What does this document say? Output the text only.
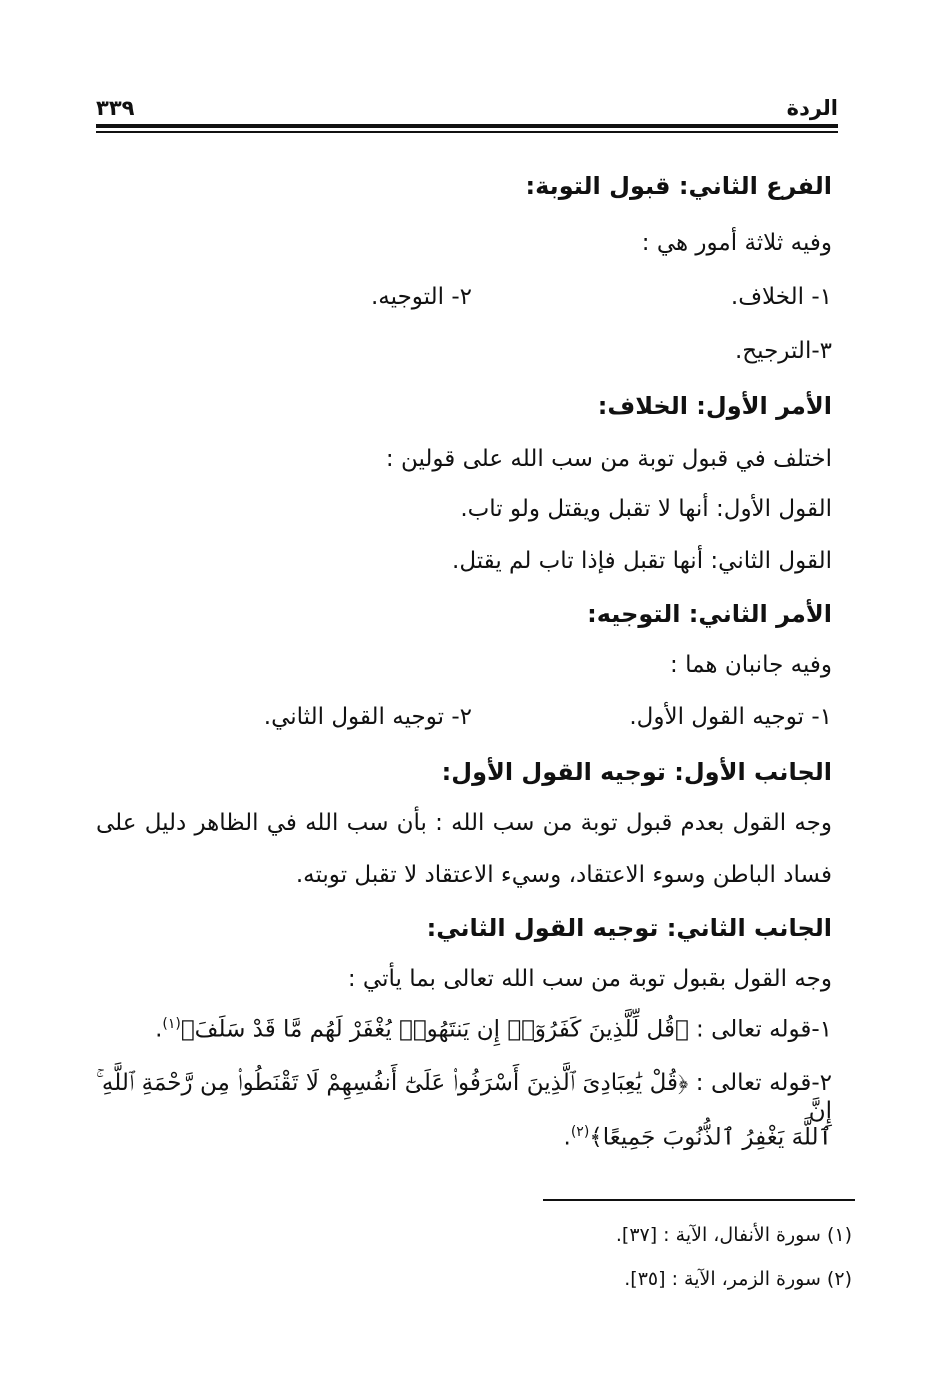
الردة
٣٣٩
الفرع الثاني: قبول التوبة:
وفيه ثلاثة أمور هي :
١- الخلاف.
٢- التوجيه.
٣-الترجيح.
الأمر الأول: الخلاف:
اختلف في قبول توبة من سب الله على قولين :
القول الأول: أنها لا تقبل ويقتل ولو تاب.
القول الثاني: أنها تقبل فإذا تاب لم يقتل.
الأمر الثاني: التوجيه:
وفيه جانبان هما :
١- توجيه القول الأول.
٢- توجيه القول الثاني.
الجانب الأول: توجيه القول الأول:
وجه القول بعدم قبول توبة من سب الله : بأن سب الله في الظاهر دليل على
فساد الباطن وسوء الاعتقاد، وسيء الاعتقاد لا تقبل توبته.
الجانب الثاني: توجيه القول الثاني:
وجه القول بقبول توبة من سب الله تعالى بما يأتي :
١-قوله تعالى : ﴿قُل لِّلَّذِينَ كَفَرُوٓا۟ إِن يَنتَهُوا۟ يُغْفَرْ لَهُم مَّا قَدْ سَلَفَ﴾$^{(١)}$.
٢-قوله تعالى : ﴿قُلْ يَٰعِبَادِىَ ٱلَّذِينَ أَسْرَفُوا۟ عَلَىٰٓ أَنفُسِهِمْ لَا تَقْنَطُوا۟ مِن رَّحْمَةِ ٱللَّهِ ۚ إِنَّ
ٱللَّهَ يَغْفِرُ ٱلذُّنُوبَ جَمِيعًا﴾$^{(٢)}$.
(١) سورة الأنفال، الآية : [٣٧].
(٢) سورة الزمر، الآية : [٣٥].
